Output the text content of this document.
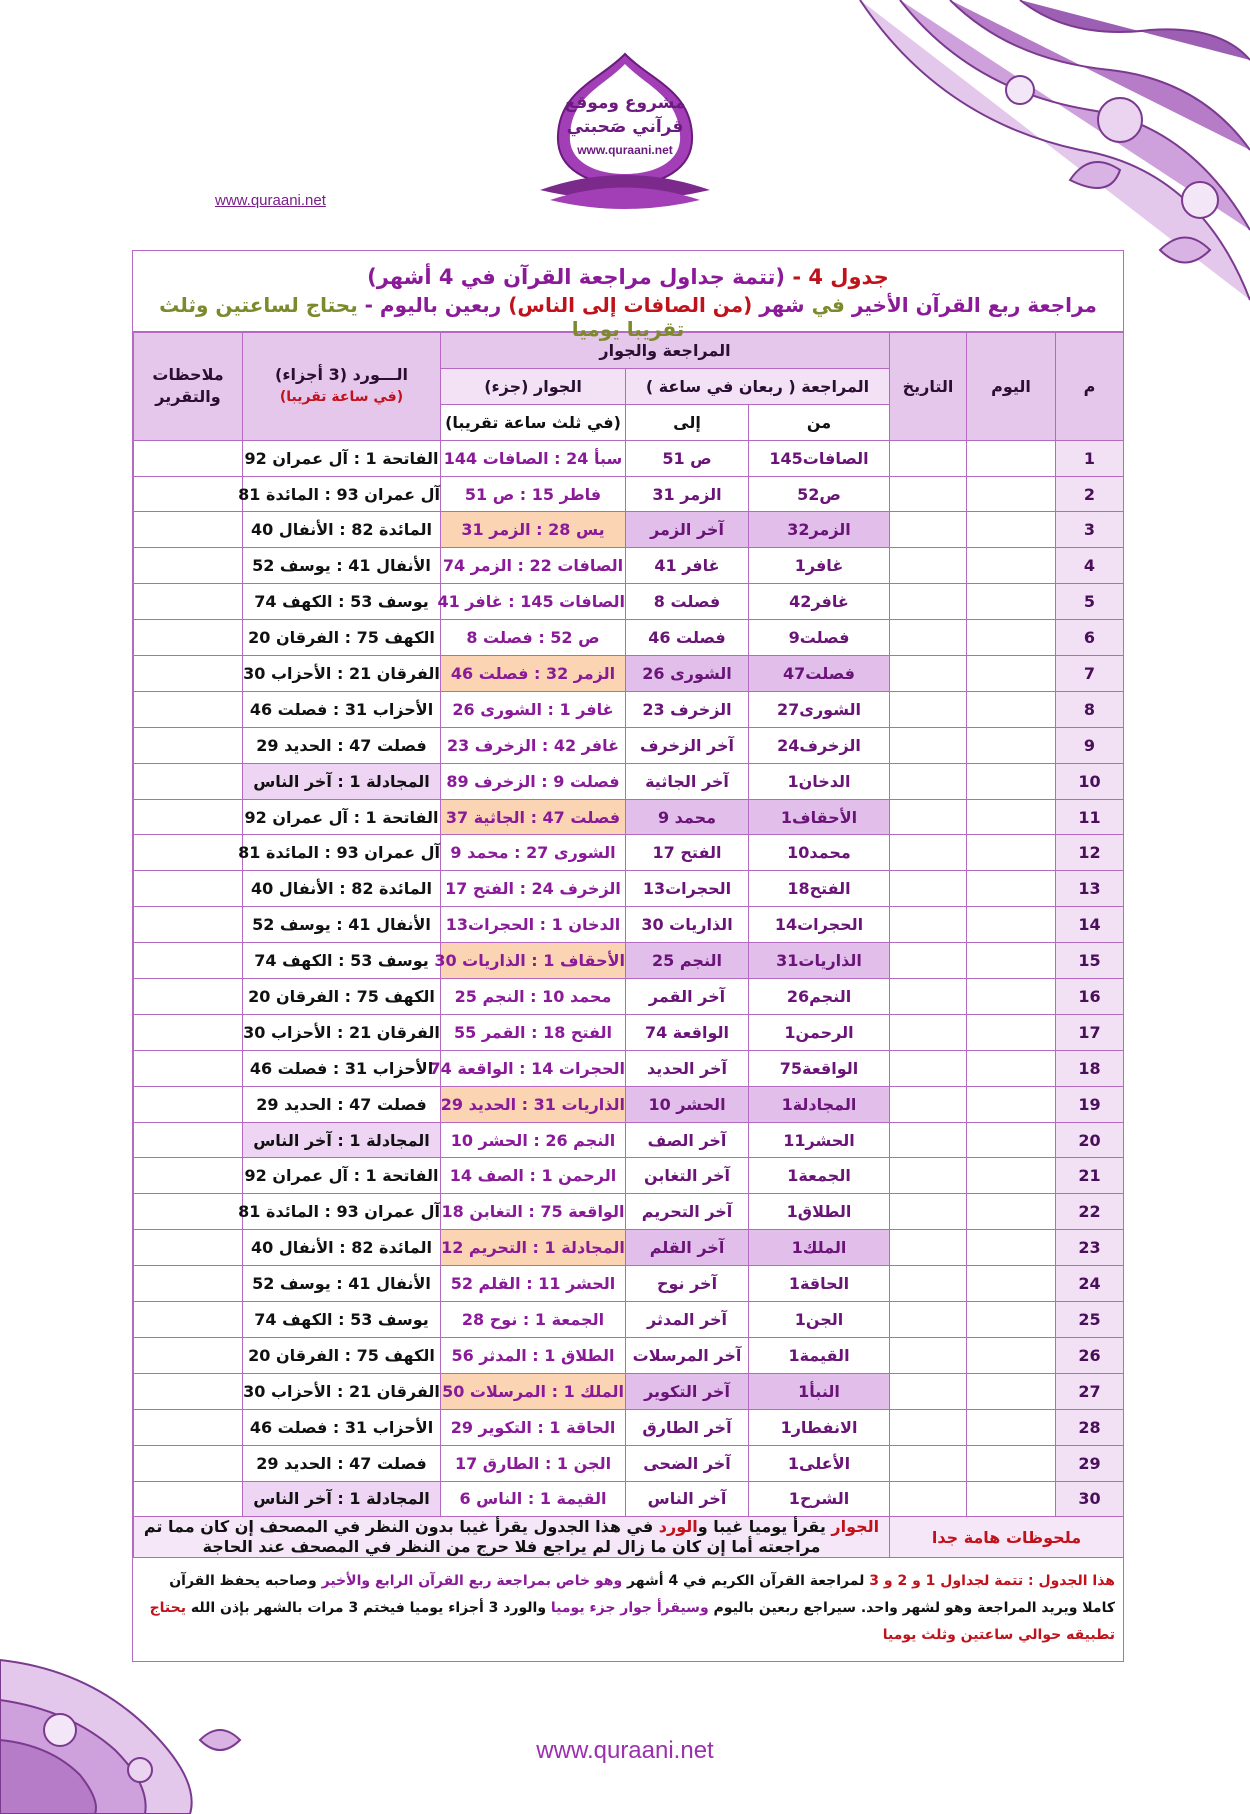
مشروع وموقع
قرآني صَحبتي
www.quraani.net
www.quraani.net
جدول 4 - (تتمة جداول مراجعة القرآن في 4 أشهر)
مراجعة ربع القرآن الأخير في شهر (من الصافات إلى الناس) ربعين باليوم - يحتاج لساعتين وثلث تقريبا يوميا
م	اليوم	التاريخ	المراجعة والجوار			الـــورد (3 أجزاء)
(في ساعة تقريبا)	ملاحظات والتقرير
			المراجعة ( ربعان في ساعة )		الجوار (جزء)		
			من	إلى	(في ثلث ساعة تقريبا)		
1			الصافات145	ص 51	سبأ 24 : الصافات 144	الفاتحة 1 : آل عمران 92	
2			ص52	الزمر 31	فاطر 15 : ص 51	آل عمران 93 : المائدة 81	
3			الزمر32	آخر الزمر	يس 28 : الزمر 31	المائدة 82 : الأنفال 40	
4			غافر1	غافر 41	الصافات 22 : الزمر 74	الأنفال 41 : يوسف 52	
5			غافر42	فصلت 8	الصافات 145 : غافر 41	يوسف 53 : الكهف 74	
6			فصلت9	فصلت 46	ص 52 : فصلت 8	الكهف 75 : الفرقان 20	
7			فصلت47	الشورى 26	الزمر 32 : فصلت 46	الفرقان 21 : الأحزاب 30	
8			الشورى27	الزخرف 23	غافر 1 : الشورى 26	الأحزاب 31 : فصلت 46	
9			الزخرف24	آخر الزخرف	غافر 42 : الزخرف 23	فصلت 47 : الحديد 29	
10			الدخان1	آخر الجاثية	فصلت 9 : الزخرف 89	المجادلة 1 : آخر الناس	
11			الأحقاف1	محمد 9	فصلت 47 : الجاثية 37	الفاتحة 1 : آل عمران 92	
12			محمد10	الفتح 17	الشورى 27 : محمد 9	آل عمران 93 : المائدة 81	
13			الفتح18	الحجرات13	الزخرف 24 : الفتح 17	المائدة 82 : الأنفال 40	
14			الحجرات14	الذاريات 30	الدخان 1 : الحجرات13	الأنفال 41 : يوسف 52	
15			الذاريات31	النجم 25	الأحقاف 1 : الذاريات 30	يوسف 53 : الكهف 74	
16			النجم26	آخر القمر	محمد 10 : النجم 25	الكهف 75 : الفرقان 20	
17			الرحمن1	الواقعة 74	الفتح 18 : القمر 55	الفرقان 21 : الأحزاب 30	
18			الواقعة75	آخر الحديد	الحجرات 14 : الواقعة 74	الأحزاب 31 : فصلت 46	
19			المجادلة1	الحشر 10	الذاريات 31 : الحديد 29	فصلت 47 : الحديد 29	
20			الحشر11	آخر الصف	النجم 26 : الحشر 10	المجادلة 1 : آخر الناس	
21			الجمعة1	آخر التغابن	الرحمن 1 : الصف 14	الفاتحة 1 : آل عمران 92	
22			الطلاق1	آخر التحريم	الواقعة 75 : التغابن 18	آل عمران 93 : المائدة 81	
23			الملك1	آخر القلم	المجادلة 1 : التحريم 12	المائدة 82 : الأنفال 40	
24			الحاقة1	آخر نوح	الحشر 11 : القلم 52	الأنفال 41 : يوسف 52	
25			الجن1	آخر المدثر	الجمعة 1 : نوح 28	يوسف 53 : الكهف 74	
26			القيمة1	آخر المرسلات	الطلاق 1 : المدثر 56	الكهف 75 : الفرقان 20	
27			النبأ1	آخر التكوير	الملك 1 : المرسلات 50	الفرقان 21 : الأحزاب 30	
28			الانفطار1	آخر الطارق	الحاقة 1 : التكوير 29	الأحزاب 31 : فصلت 46	
29			الأعلى1	آخر الضحى	الجن 1 : الطارق 17	فصلت 47 : الحديد 29	
30			الشرح1	آخر الناس	القيمة 1 : الناس 6	المجادلة 1 : آخر الناس	
ملحوظات هامة جدا			الجوار يقرأ يوميا غيبا والورد في هذا الجدول يقرأ غيبا بدون النظر في المصحف إن كان مما تم مراجعته أما إن كان ما زال لم يراجع فلا حرج من النظر في المصحف عند الحاجة				
هذا الجدول : تتمة لجداول 1 و 2 و 3 لمراجعة القرآن الكريم في 4 أشهر وهو خاص بمراجعة ربع القرآن الرابع والأخير وصاحبه يحفظ القرآن كاملا ويريد المراجعة وهو لشهر واحد. سيراجع ربعين باليوم وسيقرأ جوار جزء يوميا والورد 3 أجزاء يوميا فيختم 3 مرات بالشهر بإذن الله يحتاج تطبيقه حوالي ساعتين وثلث يوميا
www.quraani.net
